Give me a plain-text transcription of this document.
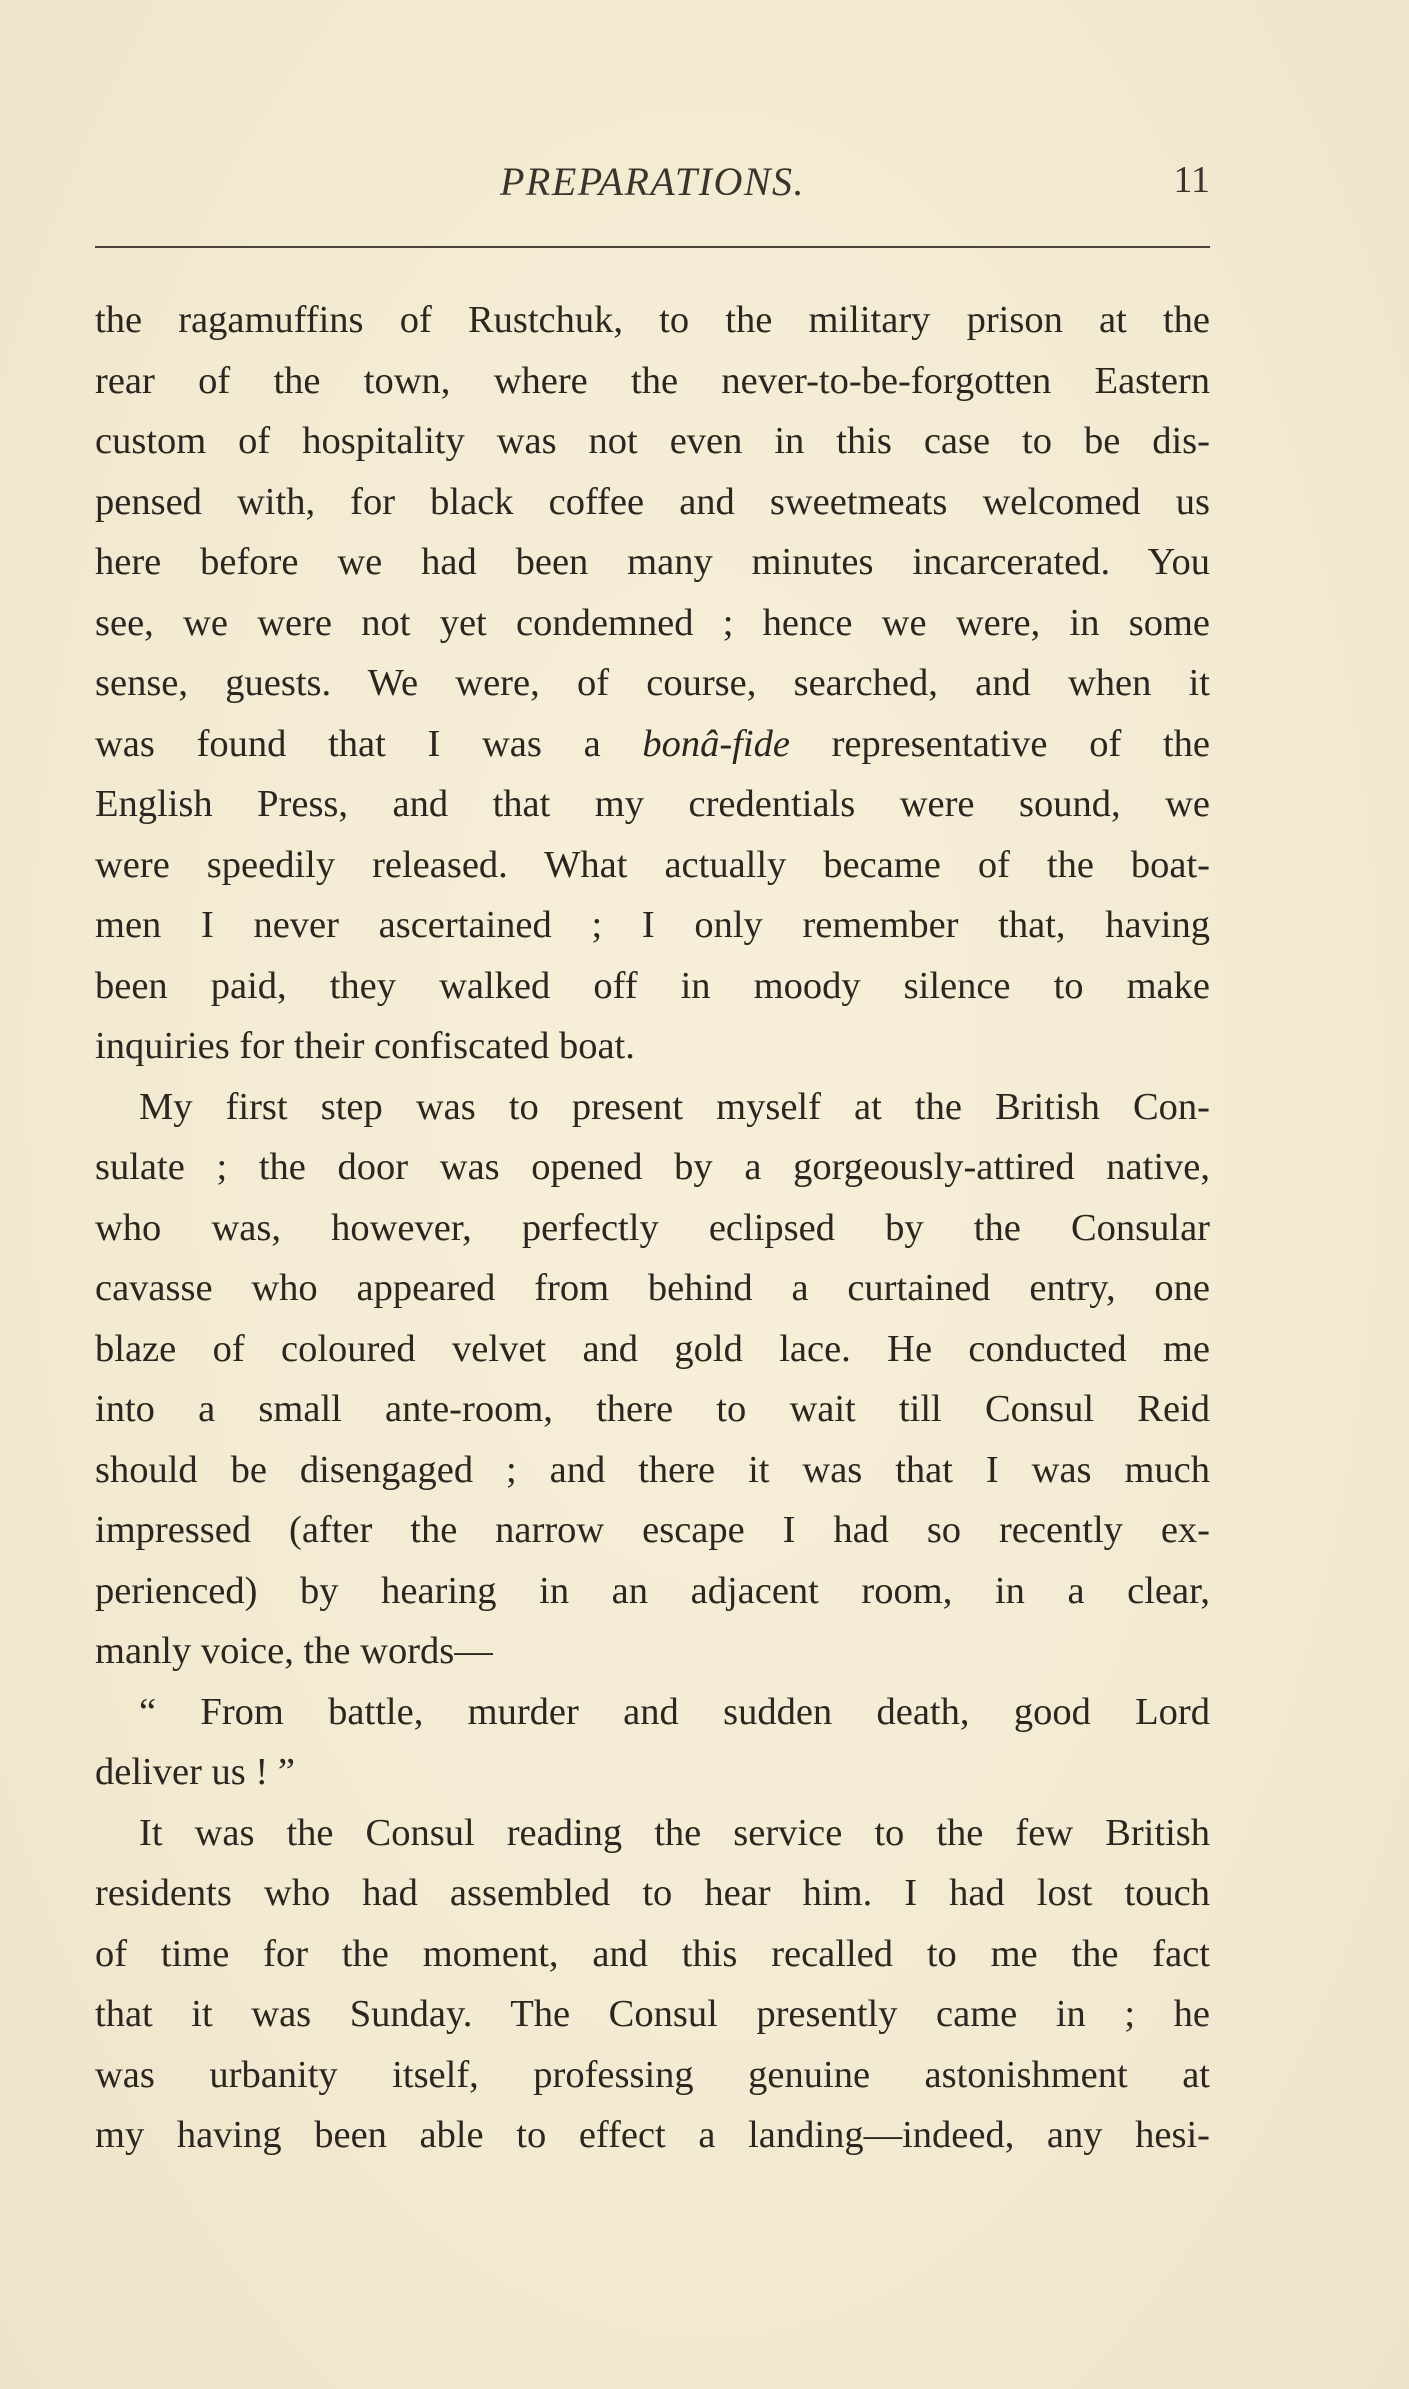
PREPARATIONS.	11
the ragamuffins of Rustchuk, to the military prison at the
rear of the town, where the never-to-be-forgotten Eastern
custom of hospitality was not even in this case to be dis-
pensed with, for black coffee and sweetmeats welcomed us
here before we had been many minutes incarcerated. You
see, we were not yet condemned ; hence we were, in some
sense, guests. We were, of course, searched, and when it
was found that I was a bonâ-fide representative of the
English Press, and that my credentials were sound, we
were speedily released. What actually became of the boat-
men I never ascertained ; I only remember that, having
been paid, they walked off in moody silence to make
inquiries for their confiscated boat.
My first step was to present myself at the British Con-
sulate ; the door was opened by a gorgeously-attired native,
who was, however, perfectly eclipsed by the Consular
cavasse who appeared from behind a curtained entry, one
blaze of coloured velvet and gold lace. He conducted me
into a small ante-room, there to wait till Consul Reid
should be disengaged ; and there it was that I was much
impressed (after the narrow escape I had so recently ex-
perienced) by hearing in an adjacent room, in a clear,
manly voice, the words—
“ From battle, murder and sudden death, good Lord
deliver us ! ”
It was the Consul reading the service to the few British
residents who had assembled to hear him. I had lost touch
of time for the moment, and this recalled to me the fact
that it was Sunday. The Consul presently came in ; he
was urbanity itself, professing genuine astonishment at
my having been able to effect a landing—indeed, any hesi-
